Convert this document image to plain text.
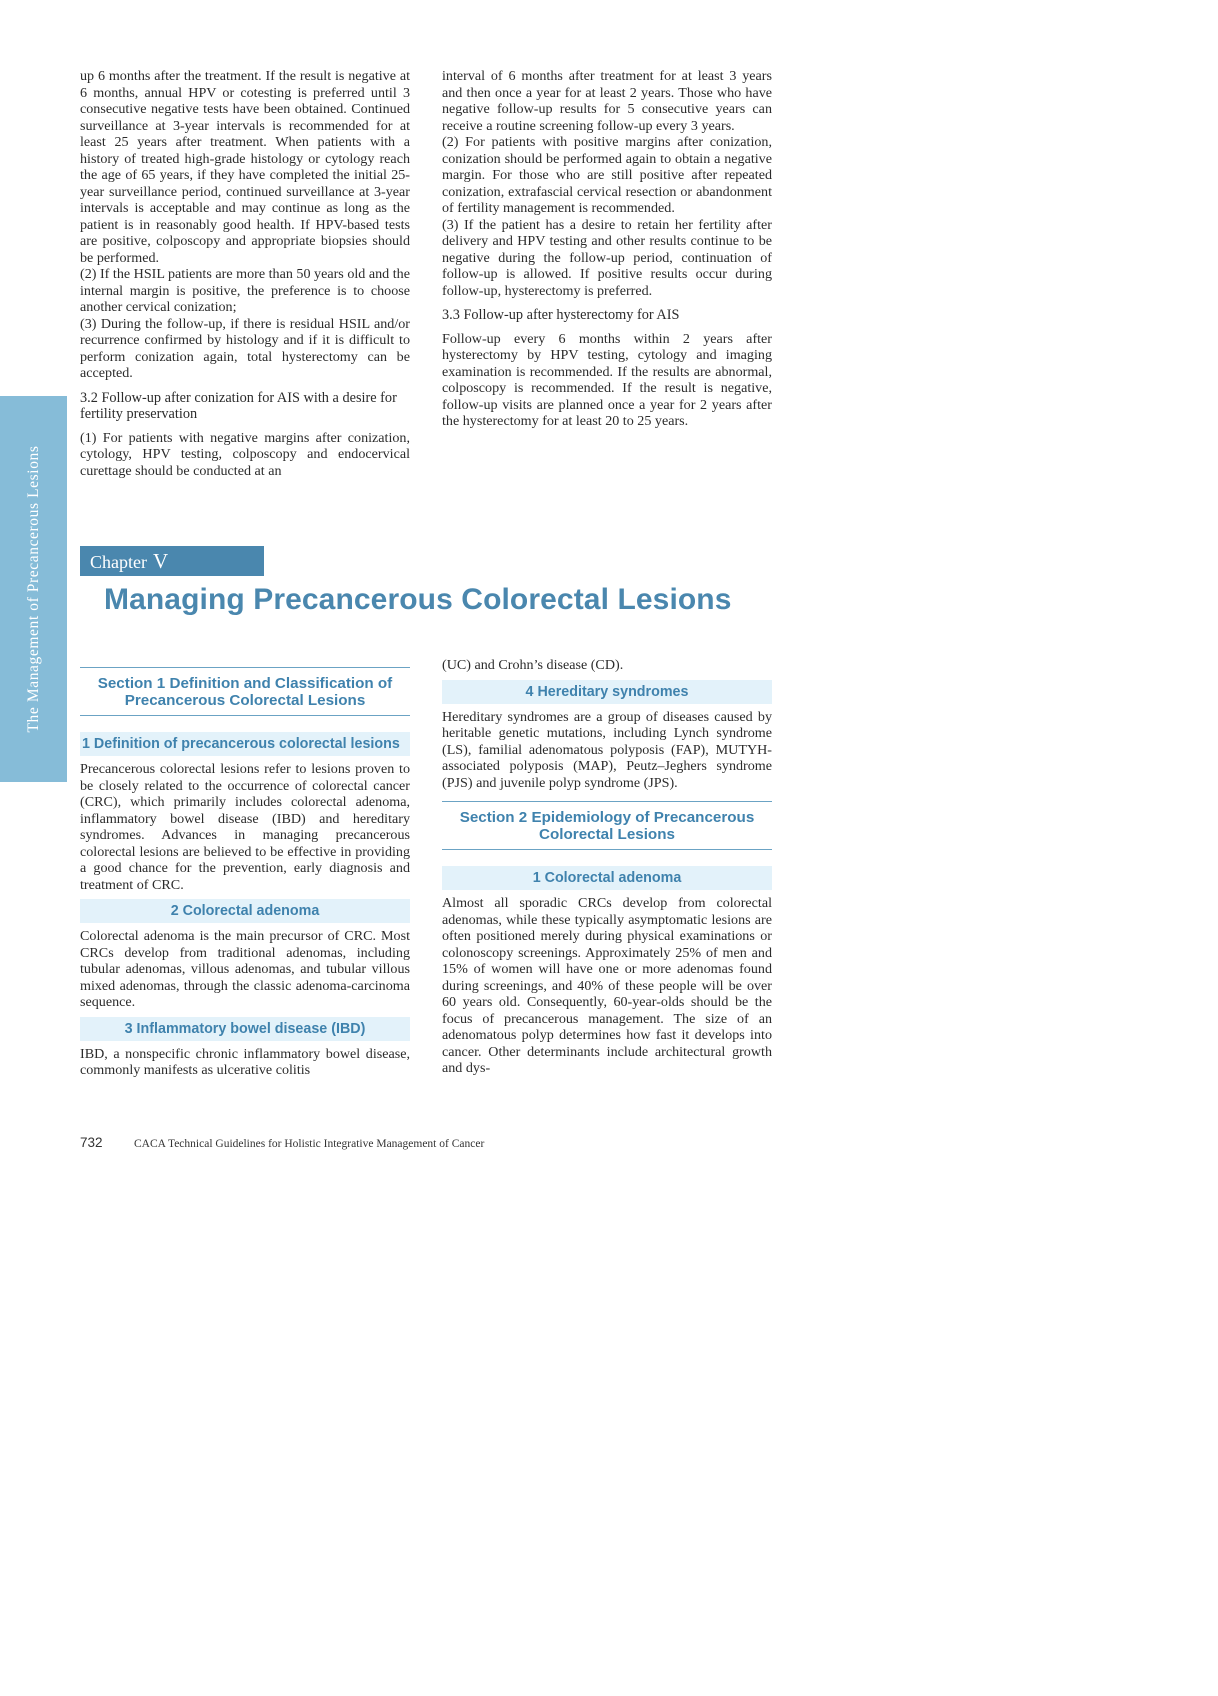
The Management of Precancerous Lesions

up 6 months after the treatment. If the result is negative at 6 months, annual HPV or cotesting is preferred until 3 consecutive negative tests have been obtained. Continued surveillance at 3-year intervals is recommended for at least 25 years after treatment. When patients with a history of treated high-grade histology or cytology reach the age of 65 years, if they have completed the initial 25-year surveillance period, continued surveillance at 3-year intervals is acceptable and may continue as long as the patient is in reasonably good health. If HPV-based tests are positive, colposcopy and appropriate biopsies should be performed.

(2) If the HSIL patients are more than 50 years old and the internal margin is positive, the preference is to choose another cervical conization;

(3) During the follow-up, if there is residual HSIL and/or recurrence confirmed by histology and if it is difficult to perform conization again, total hysterectomy can be accepted.

3.2 Follow-up after conization for AIS with a desire for fertility preservation

(1) For patients with negative margins after conization, cytology, HPV testing, colposcopy and endocervical curettage should be conducted at an

interval of 6 months after treatment for at least 3 years and then once a year for at least 2 years. Those who have negative follow-up results for 5 consecutive years can receive a routine screening follow-up every 3 years.

(2) For patients with positive margins after conization, conization should be performed again to obtain a negative margin. For those who are still positive after repeated conization, extrafascial cervical resection or abandonment of fertility management is recommended.

(3) If the patient has a desire to retain her fertility after delivery and HPV testing and other results continue to be negative during the follow-up period, continuation of follow-up is allowed. If positive results occur during follow-up, hysterectomy is preferred.

3.3 Follow-up after hysterectomy for AIS

Follow-up every 6 months within 2 years after hysterectomy by HPV testing, cytology and imaging examination is recommended. If the results are abnormal, colposcopy is recommended. If the result is negative, follow-up visits are planned once a year for 2 years after the hysterectomy for at least 20 to 25 years.

Chapter V
Managing Precancerous Colorectal Lesions
Section 1 Definition and Classification of
Precancerous Colorectal Lesions
1 Definition of precancerous colorectal lesions

Precancerous colorectal lesions refer to lesions proven to be closely related to the occurrence of colorectal cancer (CRC), which primarily includes colorectal adenoma, inflammatory bowel disease (IBD) and hereditary syndromes. Advances in managing precancerous colorectal lesions are believed to be effective in providing a good chance for the prevention, early diagnosis and treatment of CRC.

2 Colorectal adenoma

Colorectal adenoma is the main precursor of CRC. Most CRCs develop from traditional adenomas, including tubular adenomas, villous adenomas, and tubular villous mixed adenomas, through the classic adenoma-carcinoma sequence.

3 Inflammatory bowel disease (IBD)

IBD, a nonspecific chronic inflammatory bowel disease, commonly manifests as ulcerative colitis

(UC) and Crohn’s disease (CD).

4 Hereditary syndromes

Hereditary syndromes are a group of diseases caused by heritable genetic mutations, including Lynch syndrome (LS), familial adenomatous polyposis (FAP), MUTYH-associated polyposis (MAP), Peutz–Jeghers syndrome (PJS) and juvenile polyp syndrome (JPS).

Section 2 Epidemiology of Precancerous
Colorectal Lesions
1 Colorectal adenoma

Almost all sporadic CRCs develop from colorectal adenomas, while these typically asymptomatic lesions are often positioned merely during physical examinations or colonoscopy screenings. Approximately 25% of men and 15% of women will have one or more adenomas found during screenings, and 40% of these people will be over 60 years old. Consequently, 60-year-olds should be the focus of precancerous management. The size of an adenomatous polyp determines how fast it develops into cancer. Other determinants include architectural growth and dys-

732	CACA Technical Guidelines for Holistic Integrative Management of Cancer
